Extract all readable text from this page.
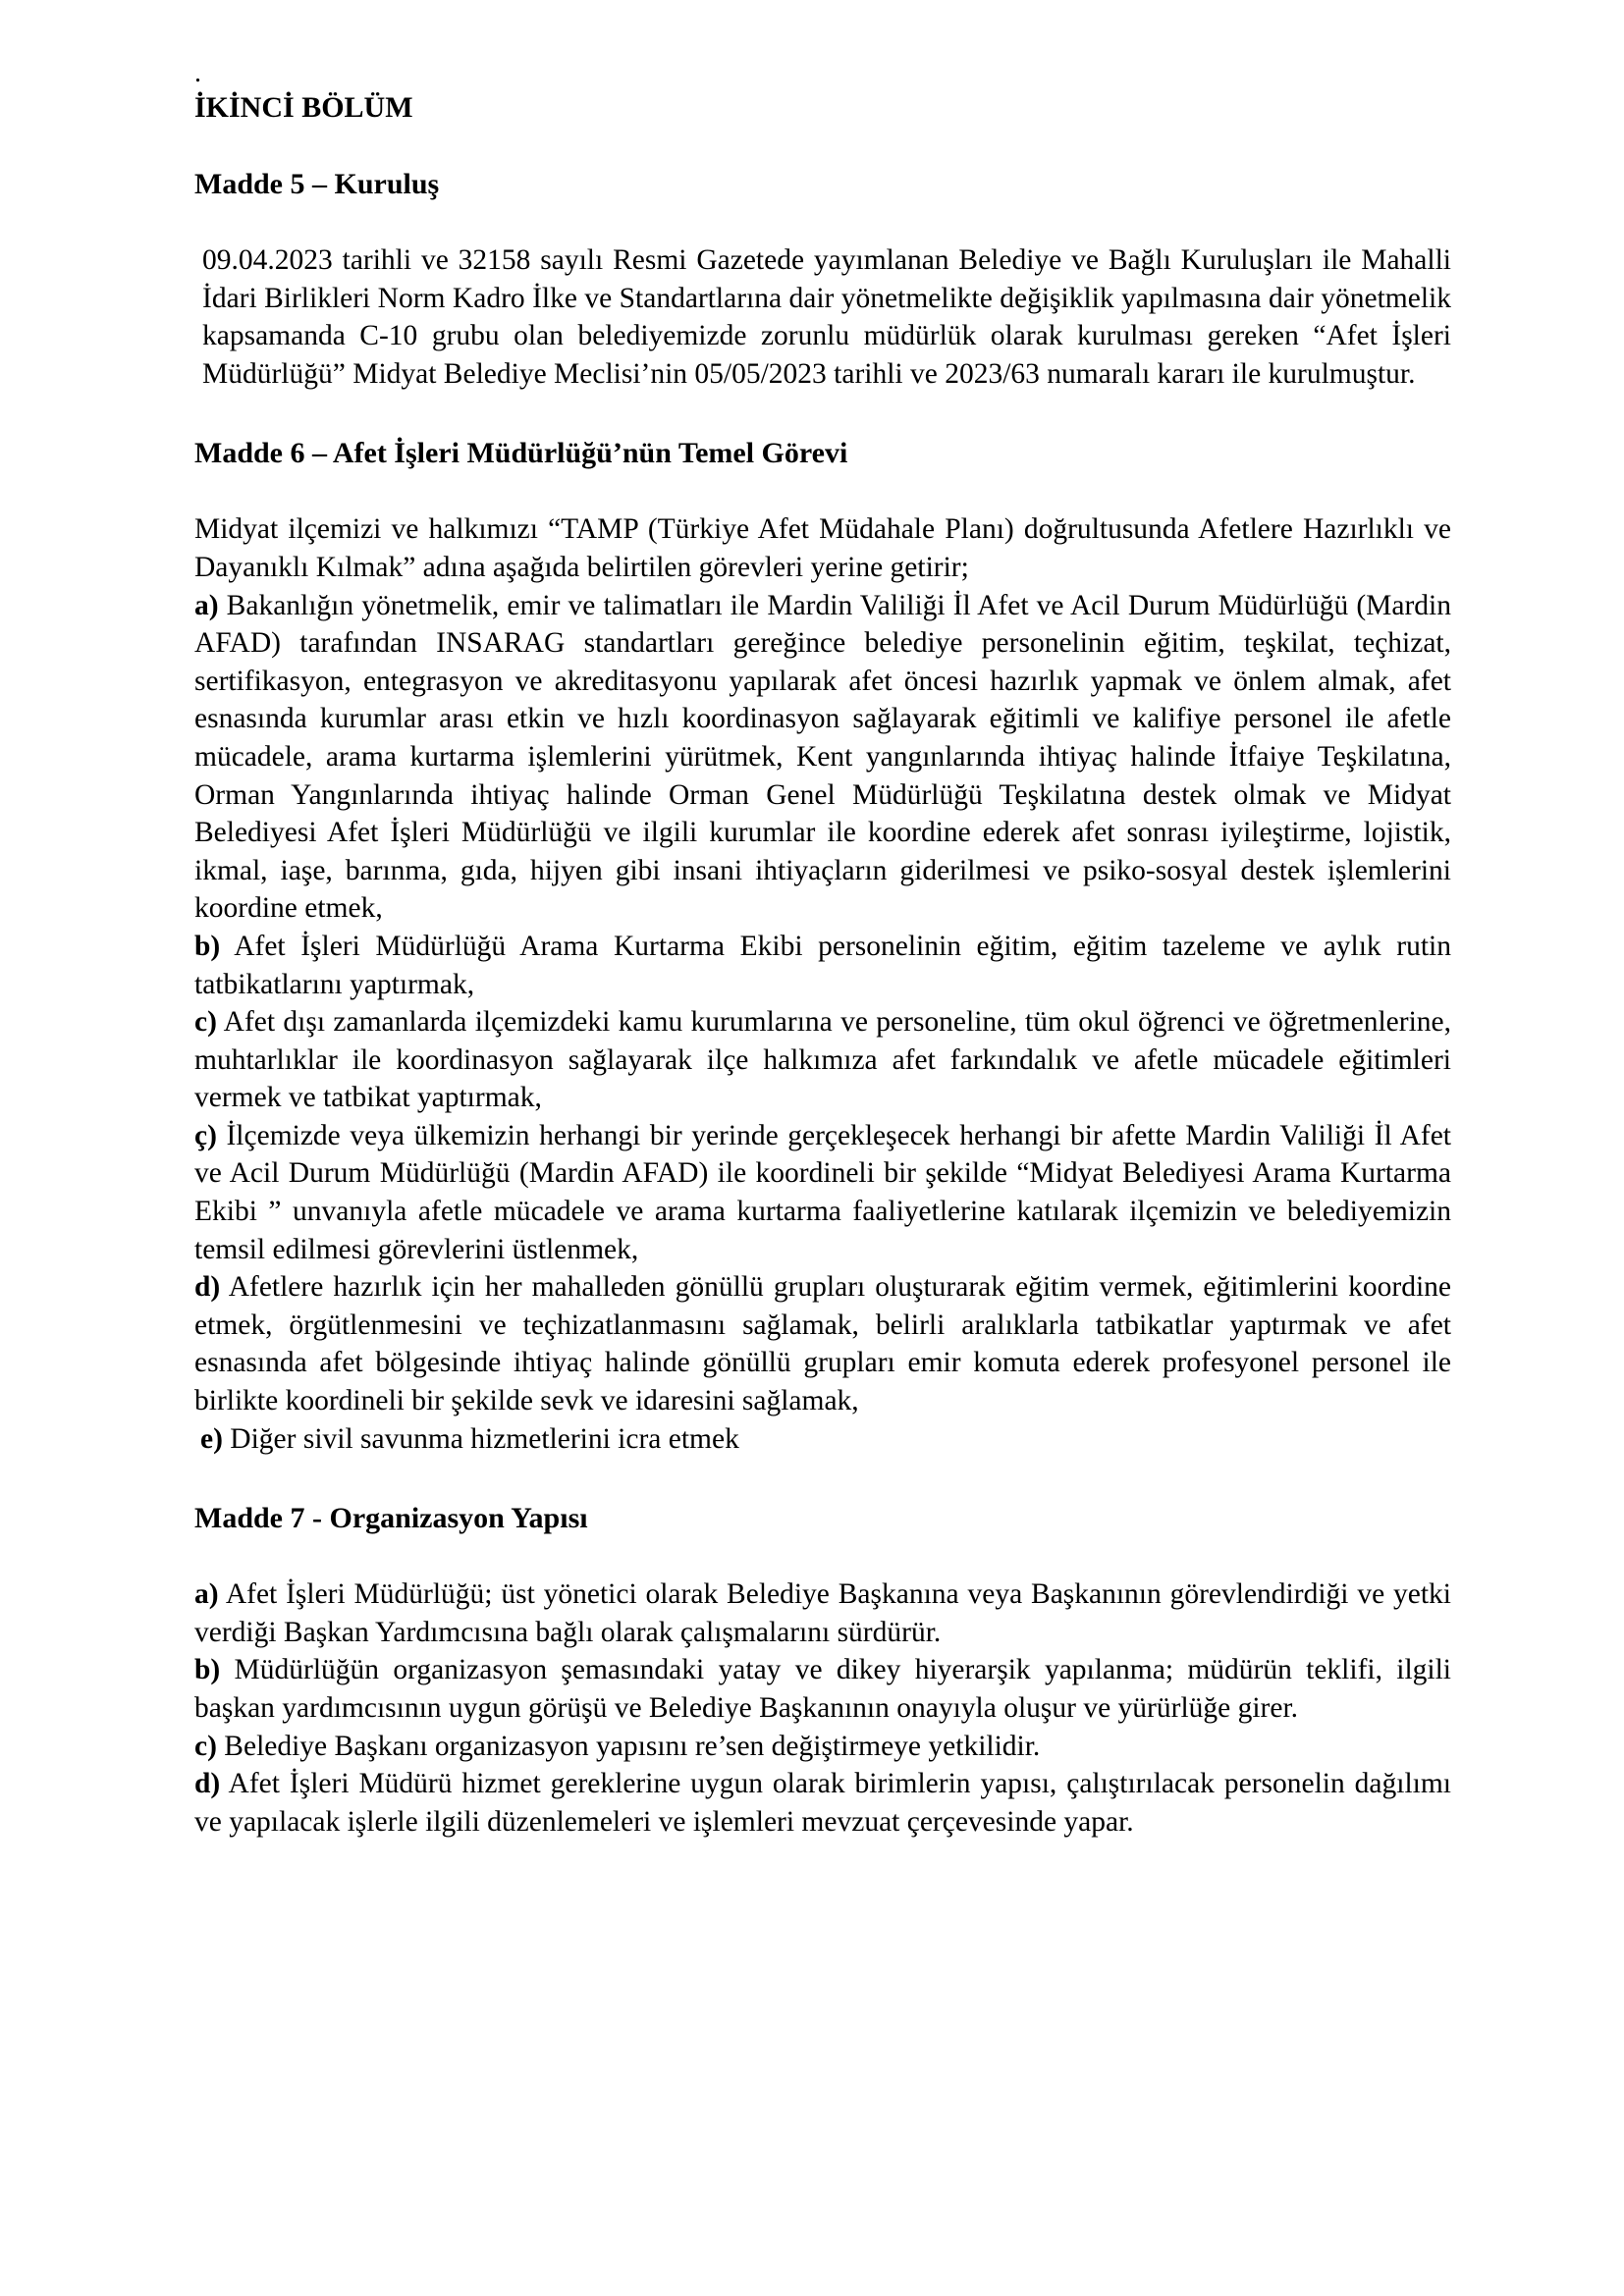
.
İKİNCİ BÖLÜM
Madde 5 – Kuruluş

09.04.2023 tarihli ve 32158 sayılı Resmi Gazetede yayımlanan Belediye ve Bağlı Kuruluşları ile Mahalli İdari Birlikleri Norm Kadro İlke ve Standartlarına dair yönetmelikte değişiklik yapılmasına dair yönetmelik kapsamanda C-10 grubu olan belediyemizde zorunlu müdürlük olarak kurulması gereken “Afet İşleri Müdürlüğü” Midyat Belediye Meclisi’nin 05/05/2023 tarihli ve 2023/63 numaralı kararı ile kurulmuştur.

Madde 6 – Afet İşleri Müdürlüğü’nün Temel Görevi

Midyat ilçemizi ve halkımızı “TAMP (Türkiye Afet Müdahale Planı) doğrultusunda Afetlere Hazırlıklı ve Dayanıklı Kılmak” adına aşağıda belirtilen görevleri yerine getirir;

a) Bakanlığın yönetmelik, emir ve talimatları ile Mardin Valiliği İl Afet ve Acil Durum Müdürlüğü (Mardin AFAD) tarafından INSARAG standartları gereğince belediye personelinin eğitim, teşkilat, teçhizat, sertifikasyon, entegrasyon ve akreditasyonu yapılarak afet öncesi hazırlık yapmak ve önlem almak, afet esnasında kurumlar arası etkin ve hızlı koordinasyon sağlayarak eğitimli ve kalifiye personel ile afetle mücadele, arama kurtarma işlemlerini yürütmek, Kent yangınlarında ihtiyaç halinde İtfaiye Teşkilatına, Orman Yangınlarında ihtiyaç halinde Orman Genel Müdürlüğü Teşkilatına destek olmak ve Midyat Belediyesi Afet İşleri Müdürlüğü ve ilgili kurumlar ile koordine ederek afet sonrası iyileştirme, lojistik, ikmal, iaşe, barınma, gıda, hijyen gibi insani ihtiyaçların giderilmesi ve psiko-sosyal destek işlemlerini koordine etmek,

b) Afet İşleri Müdürlüğü Arama Kurtarma Ekibi personelinin eğitim, eğitim tazeleme ve aylık rutin tatbikatlarını yaptırmak,

c) Afet dışı zamanlarda ilçemizdeki kamu kurumlarına ve personeline, tüm okul öğrenci ve öğretmenlerine, muhtarlıklar ile koordinasyon sağlayarak ilçe halkımıza afet farkındalık ve afetle mücadele eğitimleri vermek ve tatbikat yaptırmak,

ç) İlçemizde veya ülkemizin herhangi bir yerinde gerçekleşecek herhangi bir afette Mardin Valiliği İl Afet ve Acil Durum Müdürlüğü (Mardin AFAD) ile koordineli bir şekilde “Midyat Belediyesi Arama Kurtarma Ekibi ” unvanıyla afetle mücadele ve arama kurtarma faaliyetlerine katılarak ilçemizin ve belediyemizin temsil edilmesi görevlerini üstlenmek,

d) Afetlere hazırlık için her mahalleden gönüllü grupları oluşturarak eğitim vermek, eğitimlerini koordine etmek, örgütlenmesini ve teçhizatlanmasını sağlamak, belirli aralıklarla tatbikatlar yaptırmak ve afet esnasında afet bölgesinde ihtiyaç halinde gönüllü grupları emir komuta ederek profesyonel personel ile birlikte koordineli bir şekilde sevk ve idaresini sağlamak,

e) Diğer sivil savunma hizmetlerini icra etmek

Madde 7 - Organizasyon Yapısı

a) Afet İşleri Müdürlüğü; üst yönetici olarak Belediye Başkanına veya Başkanının görevlendirdiği ve yetki verdiği Başkan Yardımcısına bağlı olarak çalışmalarını sürdürür.

b) Müdürlüğün organizasyon şemasındaki yatay ve dikey hiyerarşik yapılanma; müdürün teklifi, ilgili başkan yardımcısının uygun görüşü ve Belediye Başkanının onayıyla oluşur ve yürürlüğe girer.

c) Belediye Başkanı organizasyon yapısını re’sen değiştirmeye yetkilidir.

d) Afet İşleri Müdürü hizmet gereklerine uygun olarak birimlerin yapısı, çalıştırılacak personelin dağılımı ve yapılacak işlerle ilgili düzenlemeleri ve işlemleri mevzuat çerçevesinde yapar.
